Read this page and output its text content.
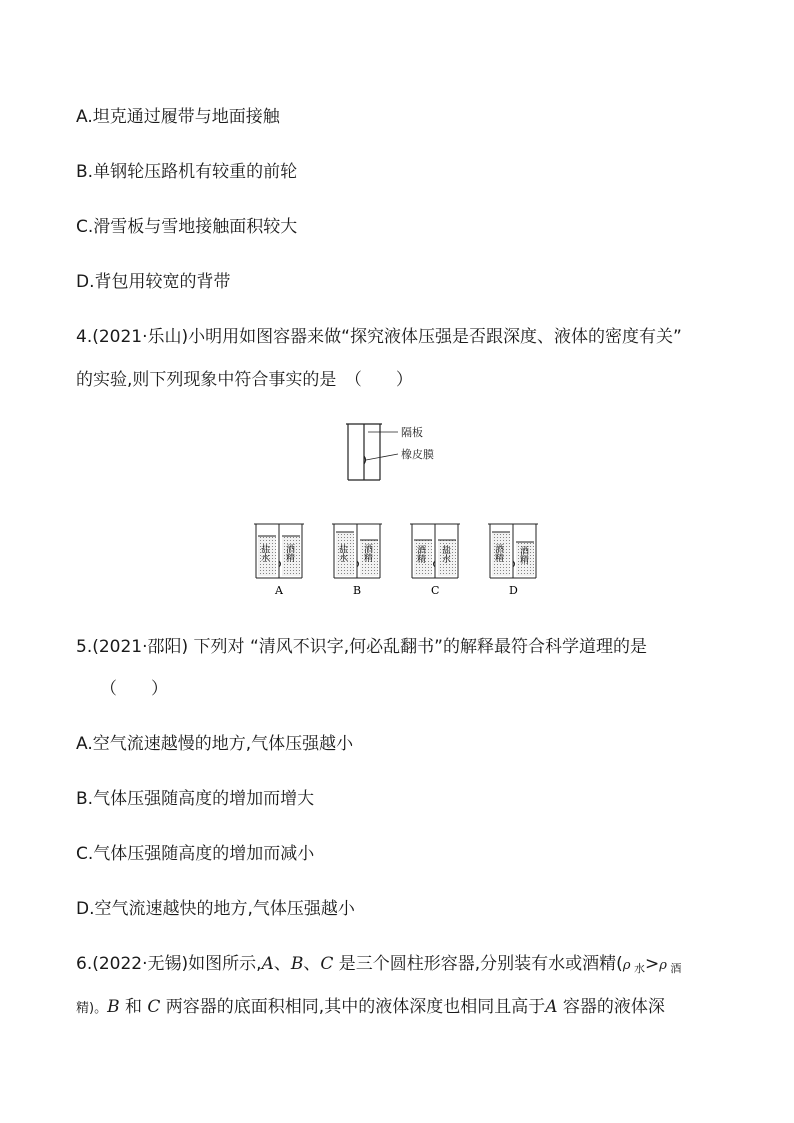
A.坦克通过履带与地面接触
B.单钢轮压路机有较重的前轮
C.滑雪板与雪地接触面积较大
D.背包用较宽的背带
4.(2021·乐山)小明用如图容器来做“探究液体压强是否跟深度、液体的密度有关”
的实验,则下列现象中符合事实的是　（　　）
隔板
橡皮膜
盐水 酒精
A
盐水 酒精
B
酒精 盐水
C
酒精 酒精
D
5.(2021·邵阳) 下列对 “清风不识字,何必乱翻书”的解释最符合科学道理的是
（　　）
A.空气流速越慢的地方,气体压强越小
B.气体压强随高度的增加而增大
C.气体压强随高度的增加而减小
D.空气流速越快的地方,气体压强越小
6.(2022·无锡)如图所示,A、B、C 是三个圆柱形容器,分别装有水或酒精(ρ $_水$>ρ $_酒$
精)。B 和 C 两容器的底面积相同,其中的液体深度也相同且高于A 容器的液体深
